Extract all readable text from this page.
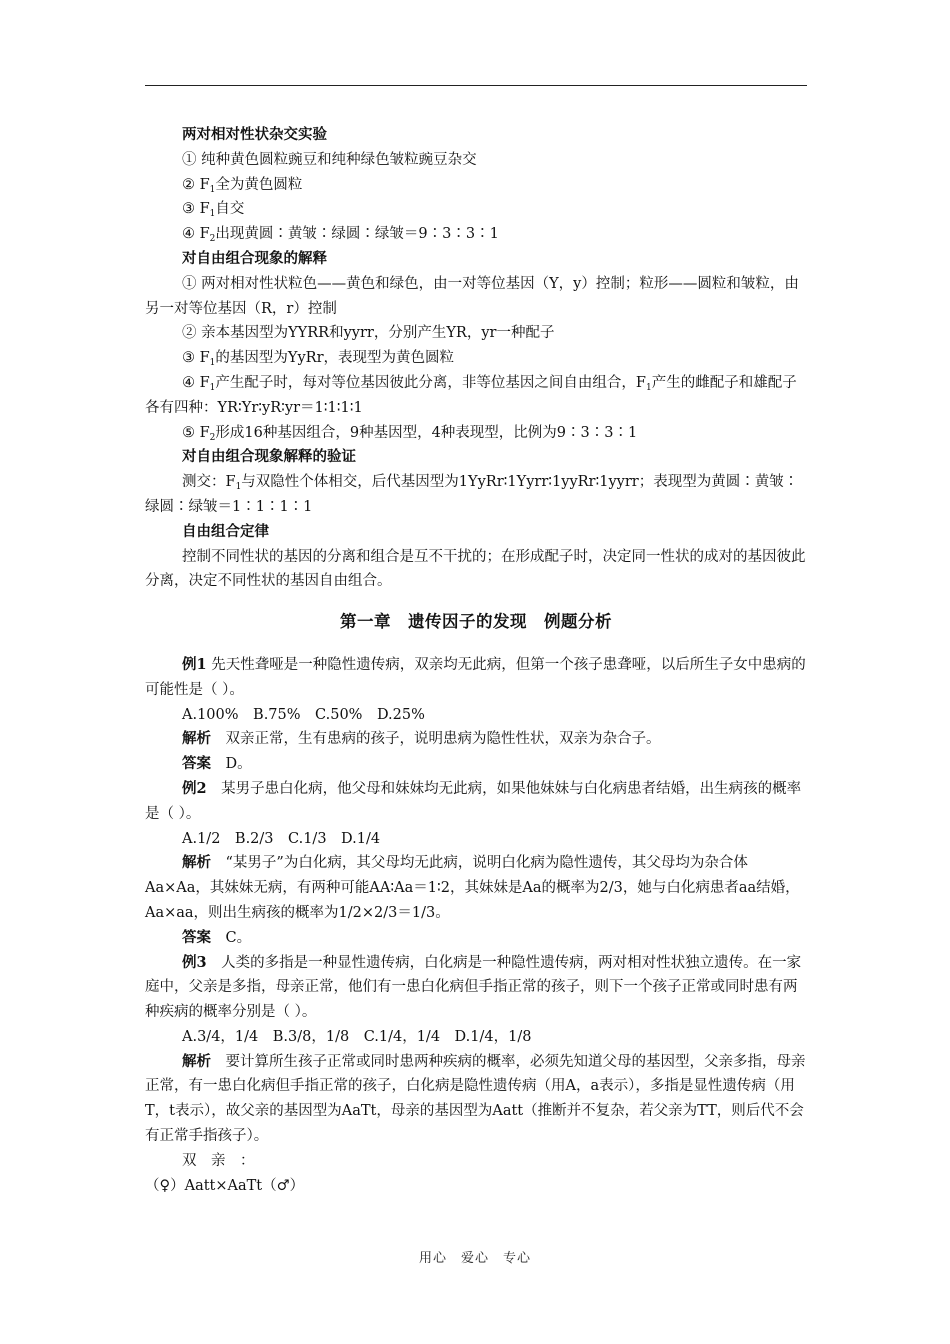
两对相对性状杂交实验

① 纯种黄色圆粒豌豆和纯种绿色皱粒豌豆杂交

② $F_1$全为黄色圆粒

③ $F_1$自交

④ $F_2$出现黄圆∶黄皱∶绿圆∶绿皱＝9∶3∶3∶1

对自由组合现象的解释

① 两对相对性状粒色——黄色和绿色，由一对等位基因（Y，y）控制；粒形——圆粒和皱粒，由另一对等位基因（R，r）控制

② 亲本基因型为YYRR和yyrr，分别产生YR，yr一种配子

③ $F_1$的基因型为YyRr，表现型为黄色圆粒

④ $F_1$产生配子时，每对等位基因彼此分离，非等位基因之间自由组合，$F_1$产生的雌配子和雄配子各有四种：YR∶Yr∶yR∶yr＝1∶1∶1∶1

⑤ $F_2$形成16种基因组合，9种基因型，4种表现型，比例为9∶3∶3∶1

对自由组合现象解释的验证

测交：$F_1$与双隐性个体相交，后代基因型为1YyRr∶1Yyrr∶1yyRr∶1yyrr；表现型为黄圆∶黄皱∶绿圆∶绿皱＝1∶1∶1∶1

自由组合定律

控制不同性状的基因的分离和组合是互不干扰的；在形成配子时，决定同一性状的成对的基因彼此分离，决定不同性状的基因自由组合。

第一章　遗传因子的发现　例题分析

例1 先天性聋哑是一种隐性遗传病，双亲均无此病，但第一个孩子患聋哑，以后所生子女中患病的可能性是（ ）。

A.100%　B.75%　C.50%　D.25%

解析　双亲正常，生有患病的孩子，说明患病为隐性性状，双亲为杂合子。

答案　D。

例2　某男子患白化病，他父母和妹妹均无此病，如果他妹妹与白化病患者结婚，出生病孩的概率是（ ）。

A.1/2　B.2/3　C.1/3　D.1/4

解析　“某男子”为白化病，其父母均无此病，说明白化病为隐性遗传，其父母均为杂合体Aa×Aa，其妹妹无病，有两种可能AA∶Aa＝1∶2，其妹妹是Aa的概率为2/3，她与白化病患者aa结婚，Aa×aa，则出生病孩的概率为1/2×2/3＝1/3。

答案　C。

例3　人类的多指是一种显性遗传病，白化病是一种隐性遗传病，两对相对性状独立遗传。在一家庭中，父亲是多指，母亲正常，他们有一患白化病但手指正常的孩子，则下一个孩子正常或同时患有两种疾病的概率分别是（ ）。

A.3/4，1/4　B.3/8，1/8　C.1/4，1/4　D.1/4，1/8

解析　要计算所生孩子正常或同时患两种疾病的概率，必须先知道父母的基因型，父亲多指，母亲正常，有一患白化病但手指正常的孩子，白化病是隐性遗传病（用A，a表示），多指是显性遗传病（用T，t表示），故父亲的基因型为AaTt，母亲的基因型为Aatt（推断并不复杂，若父亲为TT，则后代不会有正常手指孩子）。

双　亲　：

（♀）Aatt×AaTt（♂）

用心　爱心　专心
